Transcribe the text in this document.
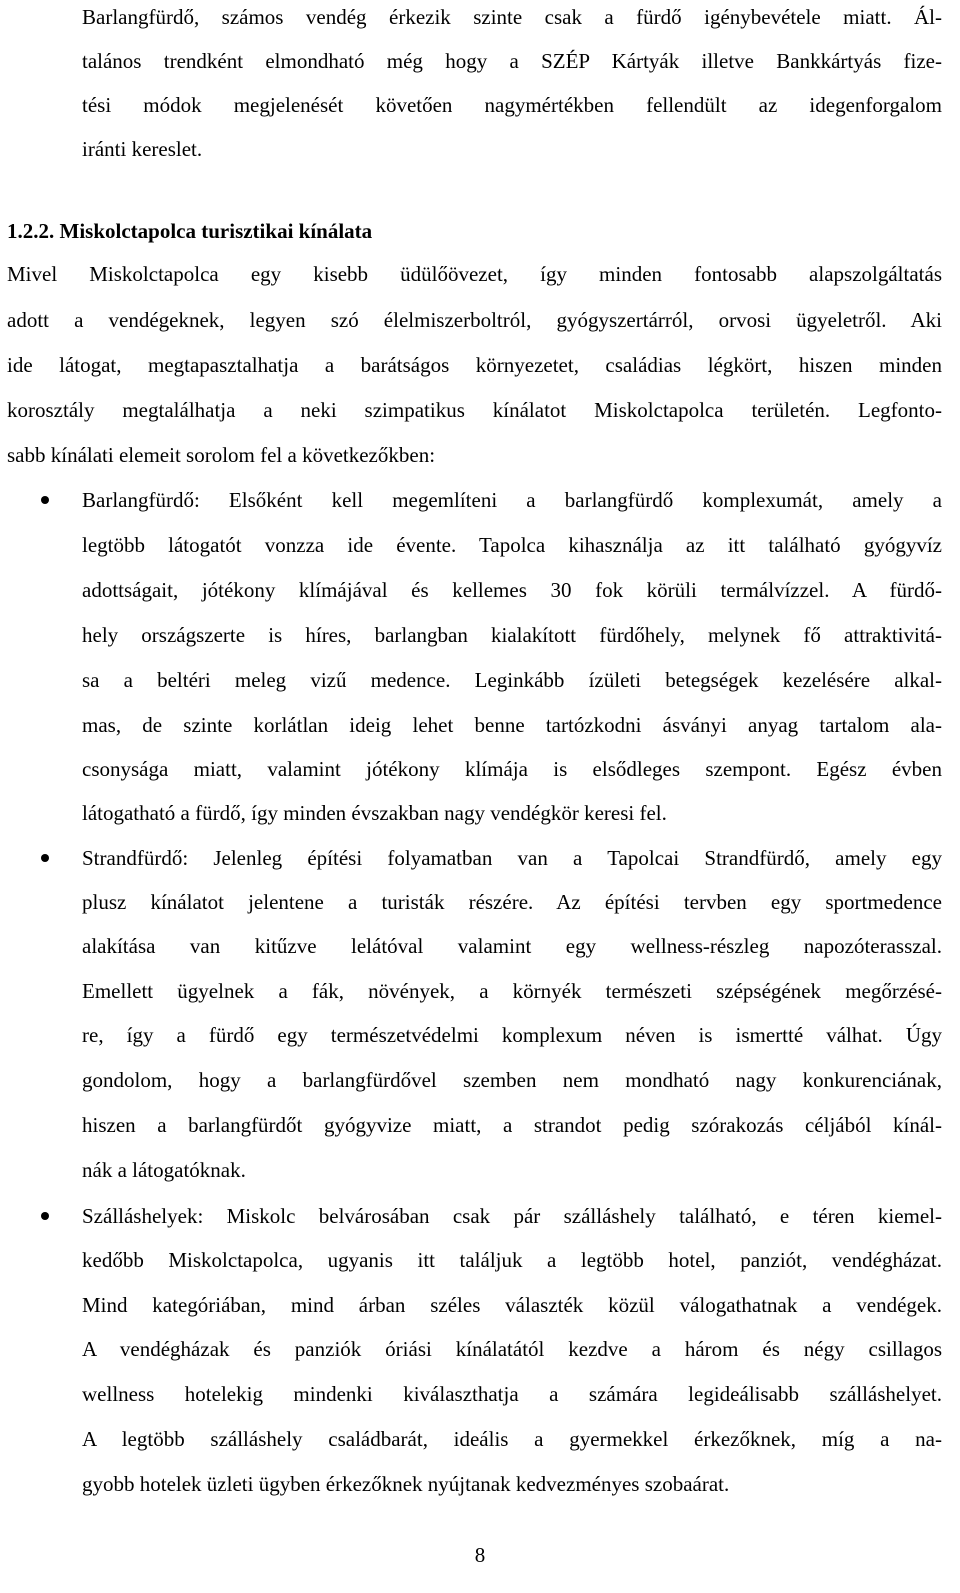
Barlangfürdő, számos vendég érkezik szinte csak a fürdő igénybevétele miatt. Ál-
talános trendként elmondható még hogy a SZÉP Kártyák illetve Bankkártyás fize-
tési módok megjelenését követően nagymértékben fellendült az idegenforgalom
iránti kereslet.
1.2.2. Miskolctapolca turisztikai kínálata
Mivel Miskolctapolca egy kisebb üdülőövezet, így minden fontosabb alapszolgáltatás
adott a vendégeknek, legyen szó élelmiszerboltról, gyógyszertárról, orvosi ügyeletről. Aki
ide látogat, megtapasztalhatja a barátságos környezetet, családias légkört, hiszen minden
korosztály megtalálhatja a neki szimpatikus kínálatot Miskolctapolca területén. Legfonto-
sabb kínálati elemeit sorolom fel a következőkben:
Barlangfürdő: Elsőként kell megemlíteni a barlangfürdő komplexumát, amely a
legtöbb látogatót vonzza ide évente. Tapolca kihasználja az itt található gyógyvíz
adottságait, jótékony klímájával és kellemes 30 fok körüli termálvízzel. A fürdő-
hely országszerte is híres, barlangban kialakított fürdőhely, melynek fő attraktivitá-
sa a beltéri meleg vizű medence. Leginkább ízületi betegségek kezelésére alkal-
mas, de szinte korlátlan ideig lehet benne tartózkodni ásványi anyag tartalom ala-
csonysága miatt, valamint jótékony klímája is elsődleges szempont. Egész évben
látogatható a fürdő, így minden évszakban nagy vendégkör keresi fel.
Strandfürdő: Jelenleg építési folyamatban van a Tapolcai Strandfürdő, amely egy
plusz kínálatot jelentene a turisták részére. Az építési tervben egy sportmedence
alakítása van kitűzve lelátóval valamint egy wellness-részleg napozóterasszal.
Emellett ügyelnek a fák, növények, a környék természeti szépségének megőrzésé-
re, így a fürdő egy természetvédelmi komplexum néven is ismertté válhat. Úgy
gondolom, hogy a barlangfürdővel szemben nem mondható nagy konkurenciának,
hiszen a barlangfürdőt gyógyvize miatt, a strandot pedig szórakozás céljából kínál-
nák a látogatóknak.
Szálláshelyek: Miskolc belvárosában csak pár szálláshely található, e téren kiemel-
kedőbb Miskolctapolca, ugyanis itt találjuk a legtöbb hotel, panziót, vendégházat.
Mind kategóriában, mind árban széles választék közül válogathatnak a vendégek.
A vendégházak és panziók óriási kínálatától kezdve a három és négy csillagos
wellness hotelekig mindenki kiválaszthatja a számára legideálisabb szálláshelyet.
A legtöbb szálláshely családbarát, ideális a gyermekkel érkezőknek, míg a na-
gyobb hotelek üzleti ügyben érkezőknek nyújtanak kedvezményes szobaárat.
8
